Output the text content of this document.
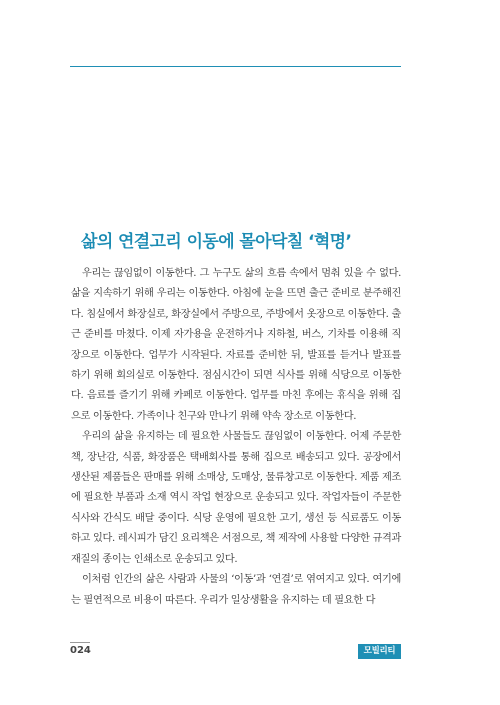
삶의 연결고리 이동에 몰아닥칠 ‘혁명’

우리는 끊임없이 이동한다. 그 누구도 삶의 흐름 속에서 멈춰 있을 수 없다. 삶을 지속하기 위해 우리는 이동한다. 아침에 눈을 뜨면 출근 준비로 분주해진다. 침실에서 화장실로, 화장실에서 주방으로, 주방에서 옷장으로 이동한다. 출근 준비를 마쳤다. 이제 자가용을 운전하거나 지하철, 버스, 기차를 이용해 직장으로 이동한다. 업무가 시작된다. 자료를 준비한 뒤, 발표를 듣거나 발표를 하기 위해 회의실로 이동한다. 점심시간이 되면 식사를 위해 식당으로 이동한다. 음료를 즐기기 위해 카페로 이동한다. 업무를 마친 후에는 휴식을 위해 집으로 이동한다. 가족이나 친구와 만나기 위해 약속 장소로 이동한다.

우리의 삶을 유지하는 데 필요한 사물들도 끊임없이 이동한다. 어제 주문한 책, 장난감, 식품, 화장품은 택배회사를 통해 집으로 배송되고 있다. 공장에서 생산된 제품들은 판매를 위해 소매상, 도매상, 물류창고로 이동한다. 제품 제조에 필요한 부품과 소재 역시 작업 현장으로 운송되고 있다. 작업자들이 주문한 식사와 간식도 배달 중이다. 식당 운영에 필요한 고기, 생선 등 식료품도 이동하고 있다. 레시피가 담긴 요리책은 서점으로, 책 제작에 사용할 다양한 규격과 재질의 종이는 인쇄소로 운송되고 있다.

이처럼 인간의 삶은 사람과 사물의 ‘이동’과 ‘연결’로 엮여지고 있다. 여기에는 필연적으로 비용이 따른다. 우리가 일상생활을 유지하는 데 필요한 다

024	모빌리티
